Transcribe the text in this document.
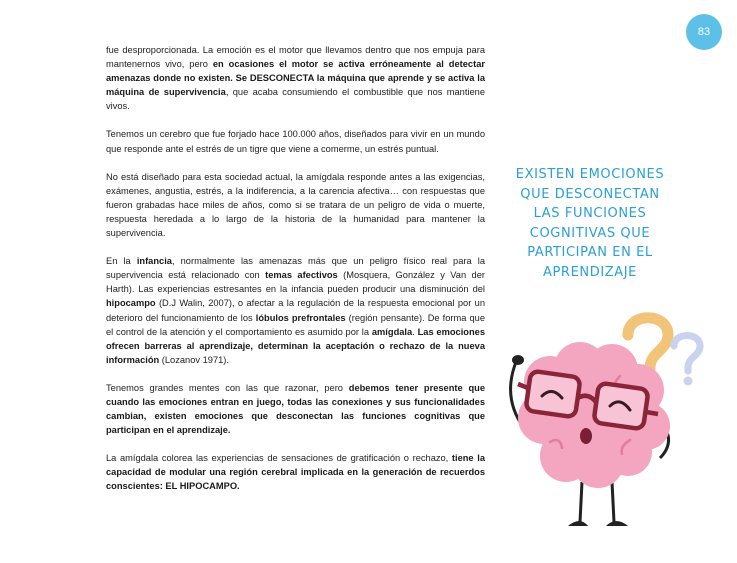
83

fue desproporcionada. La emoción es el motor que llevamos dentro que nos empuja para mantenernos vivo, pero en ocasiones el motor se activa erróneamente al detectar amenazas donde no existen. Se DESCONECTA la máquina que aprende y se activa la máquina de supervivencia, que acaba consumiendo el combustible que nos mantiene vivos.

Tenemos un cerebro que fue forjado hace 100.000 años, diseñados para vivir en un mundo que responde ante el estrés de un tigre que viene a comerme, un estrés puntual.

No está diseñado para esta sociedad actual, la amígdala responde antes a las exigencias, exámenes, angustia, estrés, a la indiferencia, a la carencia afectiva… con respuestas que fueron grabadas hace miles de años, como si se tratara de un peligro de vida o muerte, respuesta heredada a lo largo de la historia de la humanidad para mantener la supervivencia.

En la infancia, normalmente las amenazas más que un peligro físico real para la supervivencia está relacionado con temas afectivos (Mosquera, González y Van der Harth). Las experiencias estresantes en la infancia pueden producir una disminución del hipocampo (D.J Walin, 2007), o afectar a la regulación de la respuesta emocional por un deterioro del funcionamiento de los lóbulos prefrontales (región pensante). De forma que el control de la atención y el comportamiento es asumido por la amígdala. Las emociones ofrecen barreras al aprendizaje, determinan la aceptación o rechazo de la nueva información (Lozanov 1971).

Tenemos grandes mentes con las que razonar, pero debemos tener presente que cuando las emociones entran en juego, todas las conexiones y sus funcionalidades cambian, existen emociones que desconectan las funciones cognitivas que participan en el aprendizaje.

La amígdala colorea las experiencias de sensaciones de gratificación o rechazo, tiene la capacidad de modular una región cerebral implicada en la generación de recuerdos conscientes: EL HIPOCAMPO.

EXISTEN EMOCIONES
QUE DESCONECTAN
LAS FUNCIONES
COGNITIVAS QUE
PARTICIPAN EN EL
APRENDIZAJE
